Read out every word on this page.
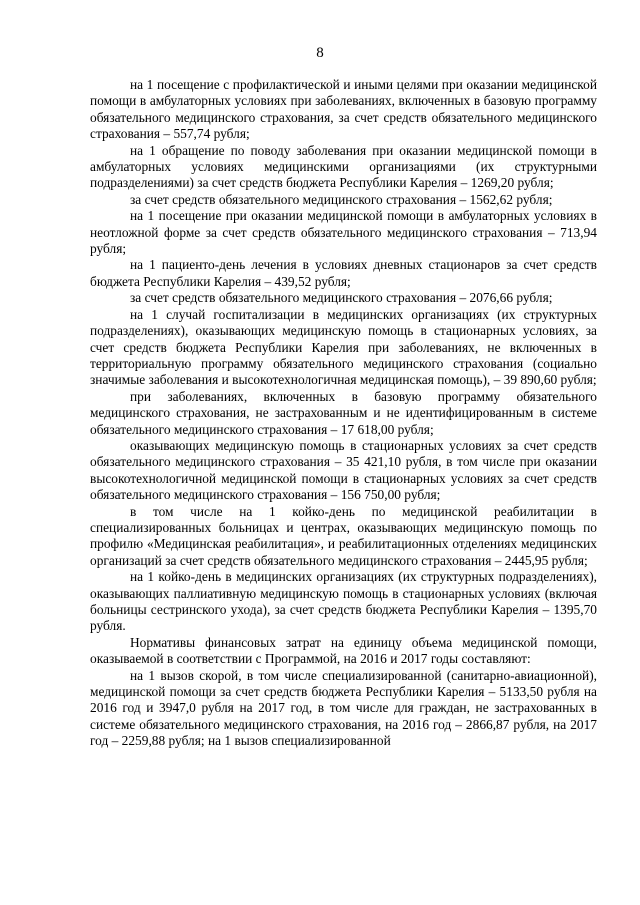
8

на 1 посещение с профилактической и иными целями при оказании медицинской помощи в амбулаторных условиях при заболеваниях, включенных в базовую программу обязательного медицинского страхования, за счет средств обязательного медицинского страхования – 557,74 рубля;

на 1 обращение по поводу заболевания при оказании медицинской помощи в амбулаторных условиях медицинскими организациями (их структурными подразделениями) за счет средств бюджета Республики Карелия – 1269,20 рубля;

за счет средств обязательного медицинского страхования – 1562,62 рубля;

на 1 посещение при оказании медицинской помощи в амбулаторных условиях в неотложной форме за счет средств обязательного медицинского страхования – 713,94 рубля;

на 1 пациенто-день лечения в условиях дневных стационаров за счет средств бюджета Республики Карелия – 439,52 рубля;

за счет средств обязательного медицинского страхования – 2076,66 рубля;

на 1 случай госпитализации в медицинских организациях (их структурных подразделениях), оказывающих медицинскую помощь в стационарных условиях, за счет средств бюджета Республики Карелия при заболеваниях, не включенных в территориальную программу обязательного медицинского страхования (социально значимые заболевания и высокотехнологичная медицинская помощь), – 39 890,60 рубля;

при заболеваниях, включенных в базовую программу обязательного медицинского страхования, не застрахованным и не идентифицированным в системе обязательного медицинского страхования – 17 618,00 рубля;

оказывающих медицинскую помощь в стационарных условиях за счет средств обязательного медицинского страхования – 35 421,10 рубля, в том числе при оказании высокотехнологичной медицинской помощи в стационарных условиях за счет средств обязательного медицинского страхования – 156 750,00 рубля;

в том числе на 1 койко-день по медицинской реабилитации в специализированных больницах и центрах, оказывающих медицинскую помощь по профилю «Медицинская реабилитация», и реабилитационных отделениях медицинских организаций за счет средств обязательного медицинского страхования – 2445,95 рубля;

на 1 койко-день в медицинских организациях (их структурных подразделениях), оказывающих паллиативную медицинскую помощь в стационарных условиях (включая больницы сестринского ухода), за счет средств бюджета Республики Карелия – 1395,70 рубля.

Нормативы финансовых затрат на единицу объема медицинской помощи, оказываемой в соответствии с Программой, на 2016 и 2017 годы составляют:

на 1 вызов скорой, в том числе специализированной (санитарно-авиационной), медицинской помощи за счет средств бюджета Республики Карелия – 5133,50 рубля на 2016 год и 3947,0 рубля на 2017 год, в том числе для граждан, не застрахованных в системе обязательного медицинского страхования, на 2016 год – 2866,87 рубля, на 2017 год – 2259,88 рубля; на 1 вызов специализированной
